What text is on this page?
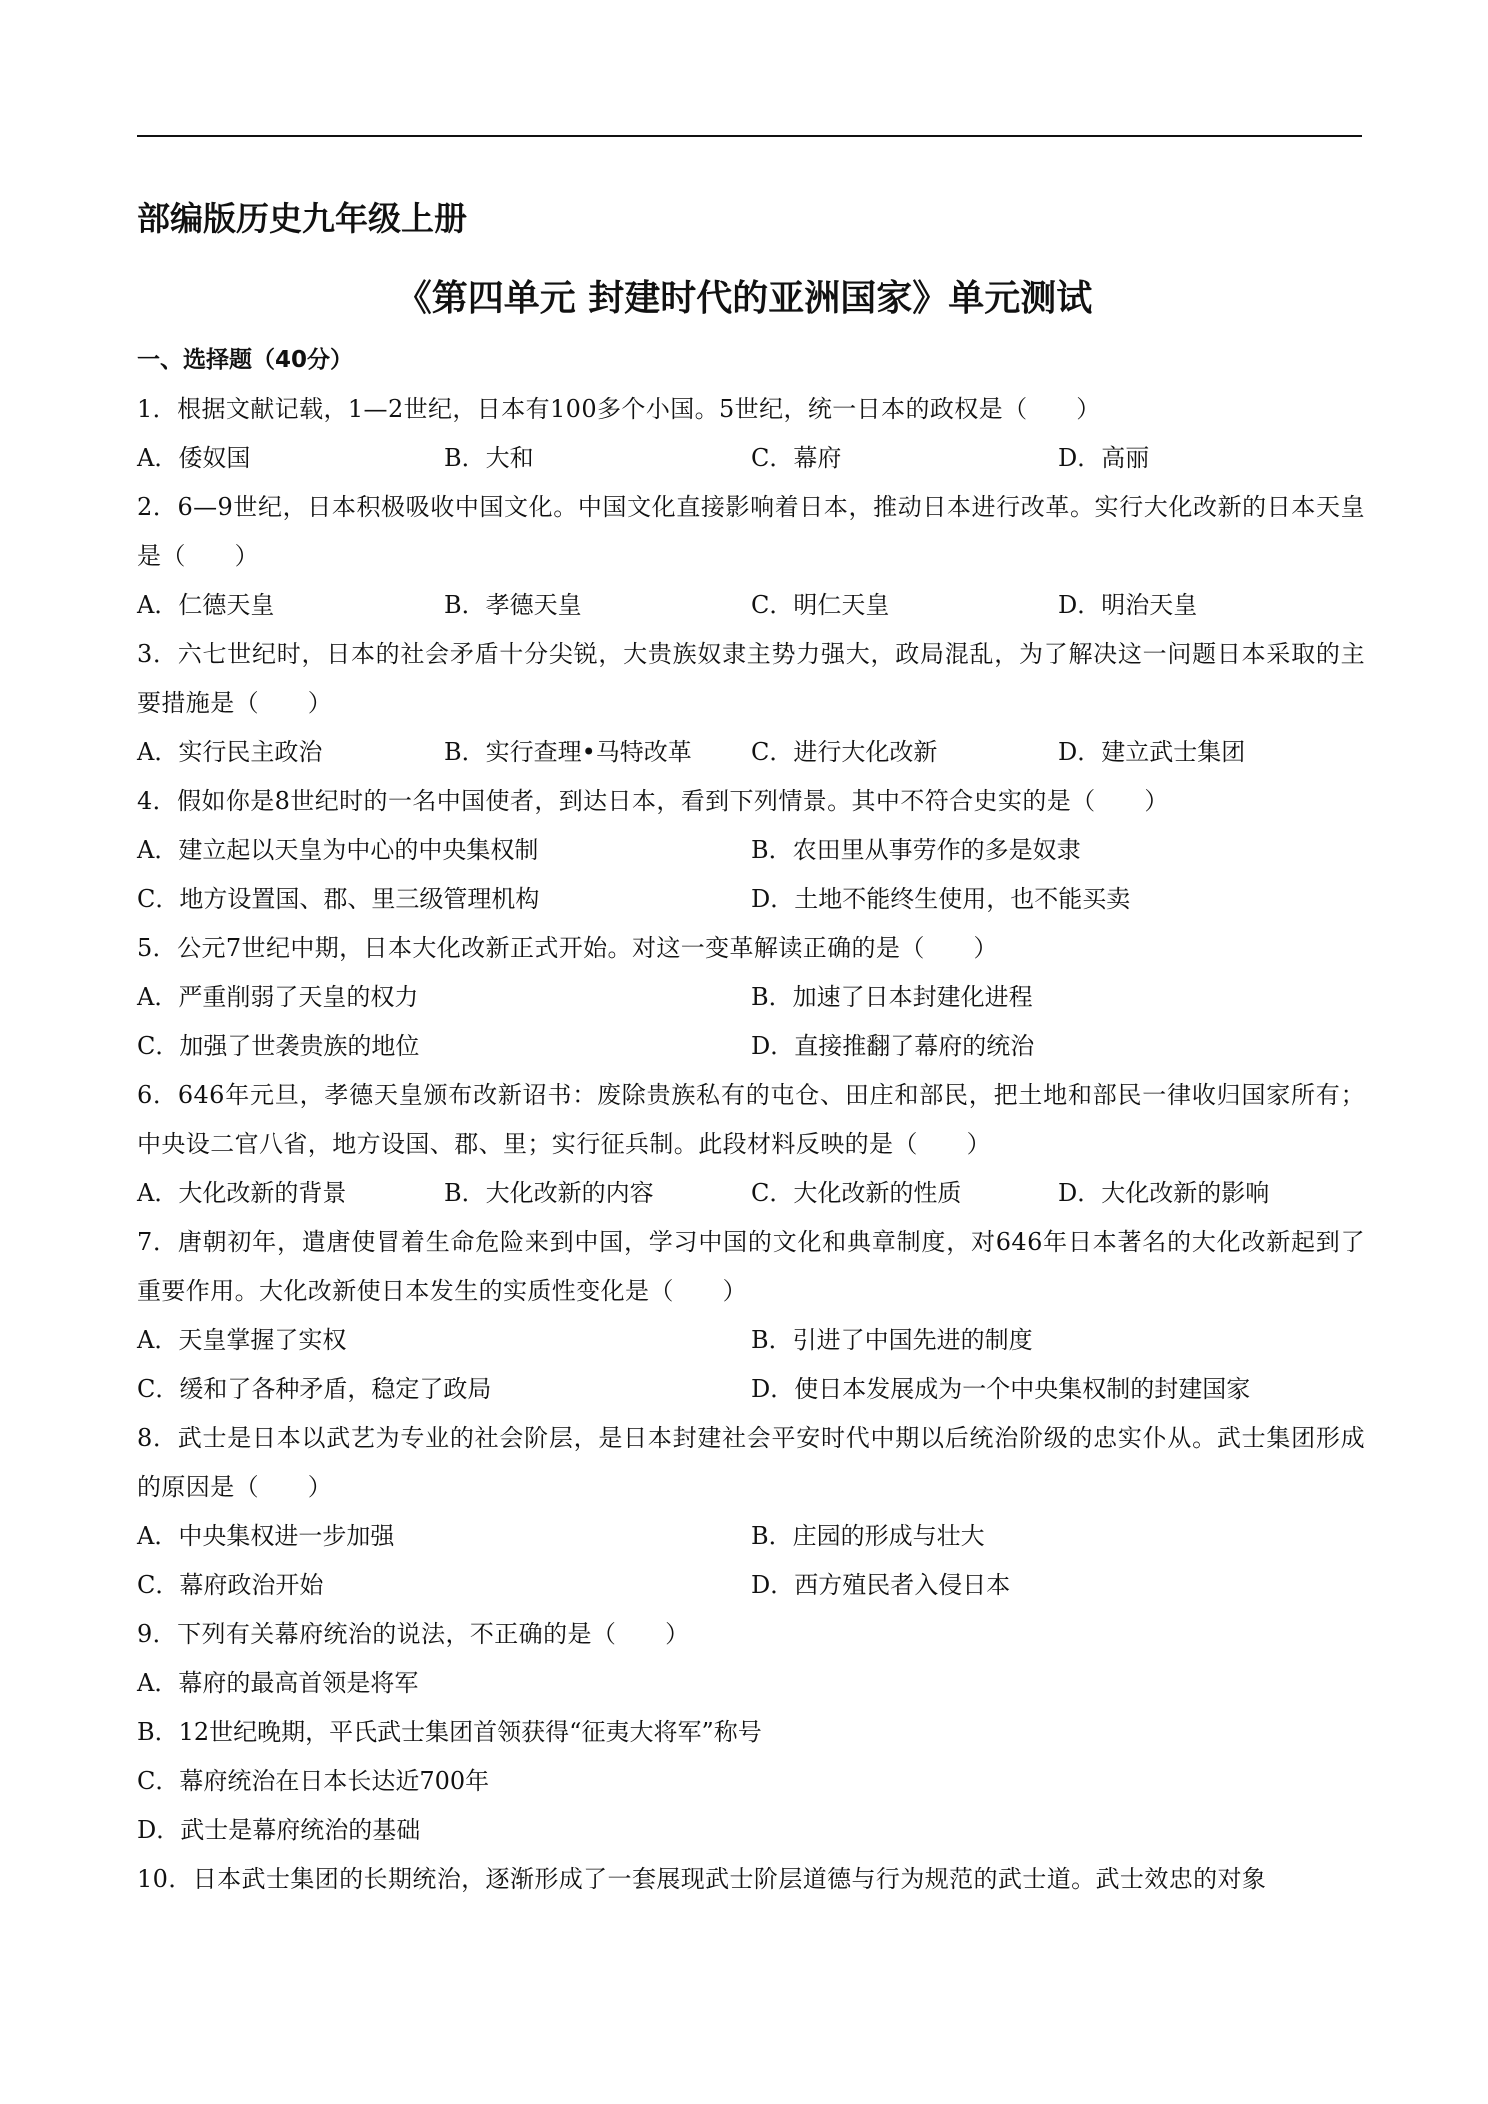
部编版历史九年级上册
《第四单元 封建时代的亚洲国家》单元测试
一、选择题（40分）
1．根据文献记载，1—2世纪，日本有100多个小国。5世纪，统一日本的政权是（　　）
A．倭奴国	B．大和	C．幕府	D．高丽
2．6—9世纪，日本积极吸收中国文化。中国文化直接影响着日本，推动日本进行改革。实行大化改新的日本天皇是（　　）
A．仁德天皇	B．孝德天皇	C．明仁天皇	D．明治天皇
3．六七世纪时，日本的社会矛盾十分尖锐，大贵族奴隶主势力强大，政局混乱，为了解决这一问题日本采取的主要措施是（　　）
A．实行民主政治	B．实行查理•马特改革	C．进行大化改新	D．建立武士集团
4．假如你是8世纪时的一名中国使者，到达日本，看到下列情景。其中不符合史实的是（　　）
A．建立起以天皇为中心的中央集权制	B．农田里从事劳作的多是奴隶
C．地方设置国、郡、里三级管理机构	D．土地不能终生使用，也不能买卖
5．公元7世纪中期，日本大化改新正式开始。对这一变革解读正确的是（　　）
A．严重削弱了天皇的权力	B．加速了日本封建化进程
C．加强了世袭贵族的地位	D．直接推翻了幕府的统治
6．646年元旦，孝德天皇颁布改新诏书：废除贵族私有的屯仓、田庄和部民，把土地和部民一律收归国家所有；中央设二官八省，地方设国、郡、里；实行征兵制。此段材料反映的是（　　）
A．大化改新的背景	B．大化改新的内容	C．大化改新的性质	D．大化改新的影响
7．唐朝初年，遣唐使冒着生命危险来到中国，学习中国的文化和典章制度，对646年日本著名的大化改新起到了重要作用。大化改新使日本发生的实质性变化是（　　）
A．天皇掌握了实权	B．引进了中国先进的制度
C．缓和了各种矛盾，稳定了政局	D．使日本发展成为一个中央集权制的封建国家
8．武士是日本以武艺为专业的社会阶层，是日本封建社会平安时代中期以后统治阶级的忠实仆从。武士集团形成的原因是（　　）
A．中央集权进一步加强	B．庄园的形成与壮大
C．幕府政治开始	D．西方殖民者入侵日本
9．下列有关幕府统治的说法，不正确的是（　　）
A．幕府的最高首领是将军
B．12世纪晚期，平氏武士集团首领获得“征夷大将军”称号
C．幕府统治在日本长达近700年
D．武士是幕府统治的基础
10．日本武士集团的长期统治，逐渐形成了一套展现武士阶层道德与行为规范的武士道。武士效忠的对象
